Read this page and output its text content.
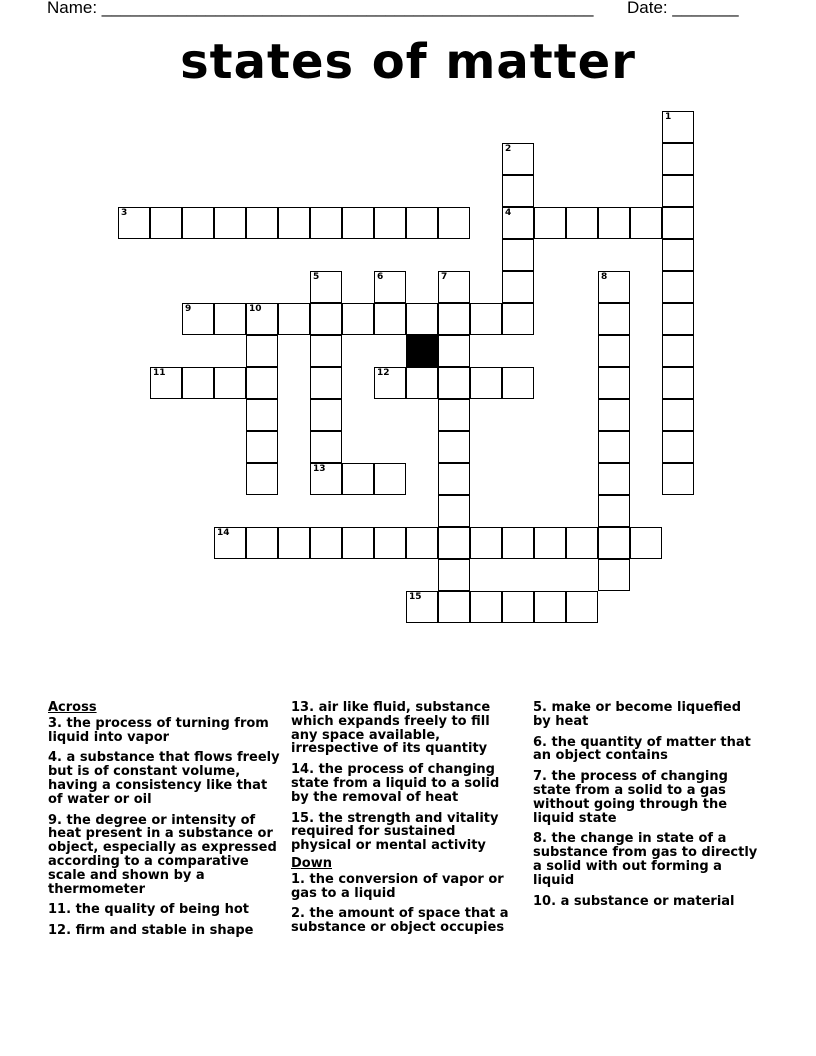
Name: ____________________________________________________ Date: _______
states of matter
1
2
4
3
5
13
6	7	8
9	10
11	12
14
15
Across
3. the process of turning from liquid into vapor
4. a substance that flows freely but is of constant volume, having a consistency like that of water or oil
9. the degree or intensity of heat present in a substance or object, especially as expressed according to a comparative scale and shown by a thermometer
11. the quality of being hot
12. firm and stable in shape
13. air like fluid, substance which expands freely to fill any space available, irrespective of its quantity
14. the process of changing state from a liquid to a solid by the removal of heat
15. the strength and vitality required for sustained physical or mental activity
Down
1. the conversion of vapor or gas to a liquid
2. the amount of space that a substance or object occupies
5. make or become liquefied by heat
6. the quantity of matter that an object contains
7. the process of changing state from a solid to a gas without going through the liquid state
8. the change in state of a substance from gas to directly a solid with out forming a liquid
10. a substance or material
